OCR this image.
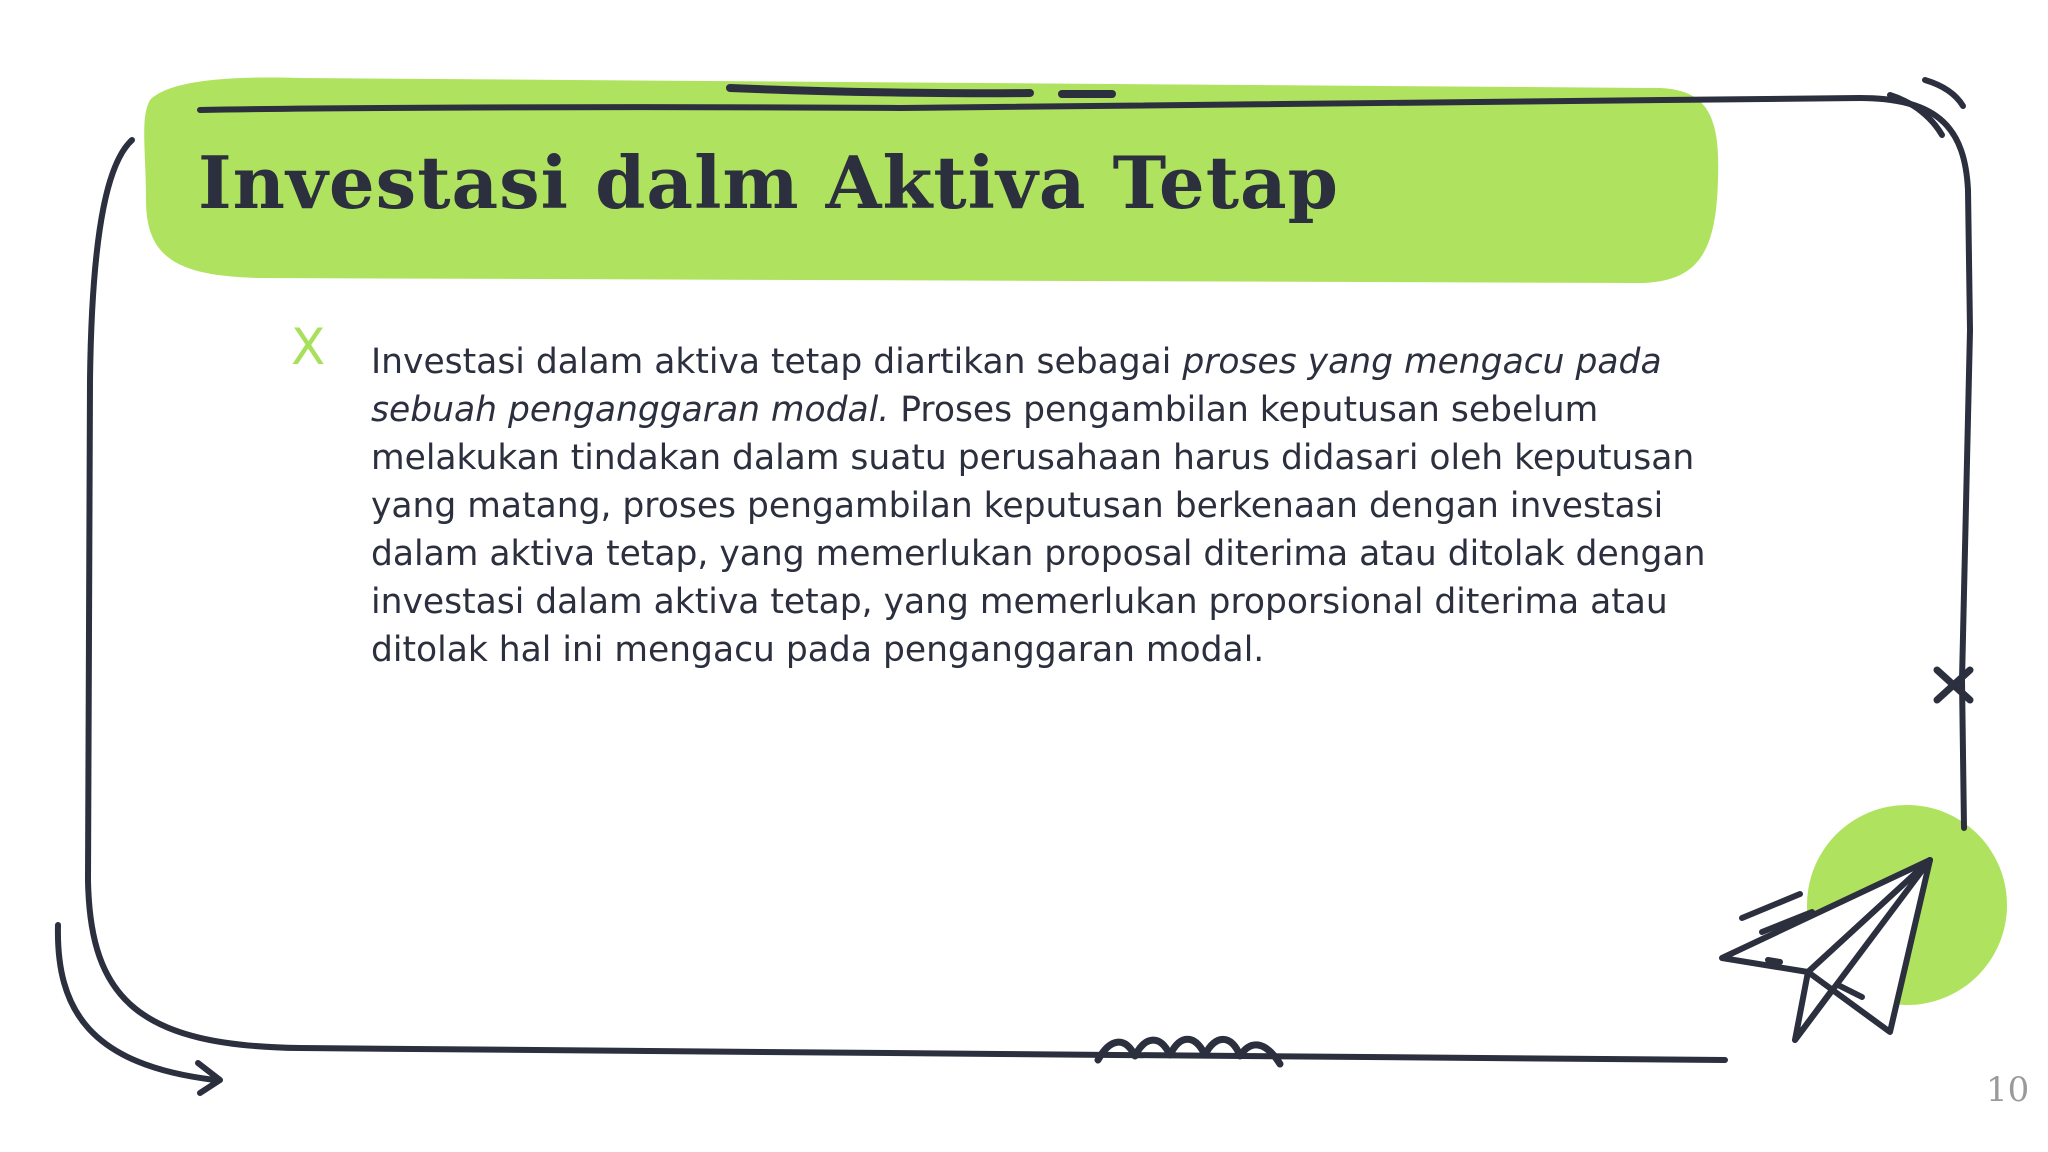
Investasi dalm Aktiva Tetap
X Investasi dalam aktiva tetap diartikan sebagai proses yang mengacu pada sebuah penganggaran modal. Proses pengambilan keputusan sebelum melakukan tindakan dalam suatu perusahaan harus didasari oleh keputusan yang matang, proses pengambilan keputusan berkenaan dengan investasi dalam aktiva tetap, yang memerlukan proposal diterima atau ditolak dengan investasi dalam aktiva tetap, yang memerlukan proporsional diterima atau ditolak hal ini mengacu pada penganggaran modal.

10
